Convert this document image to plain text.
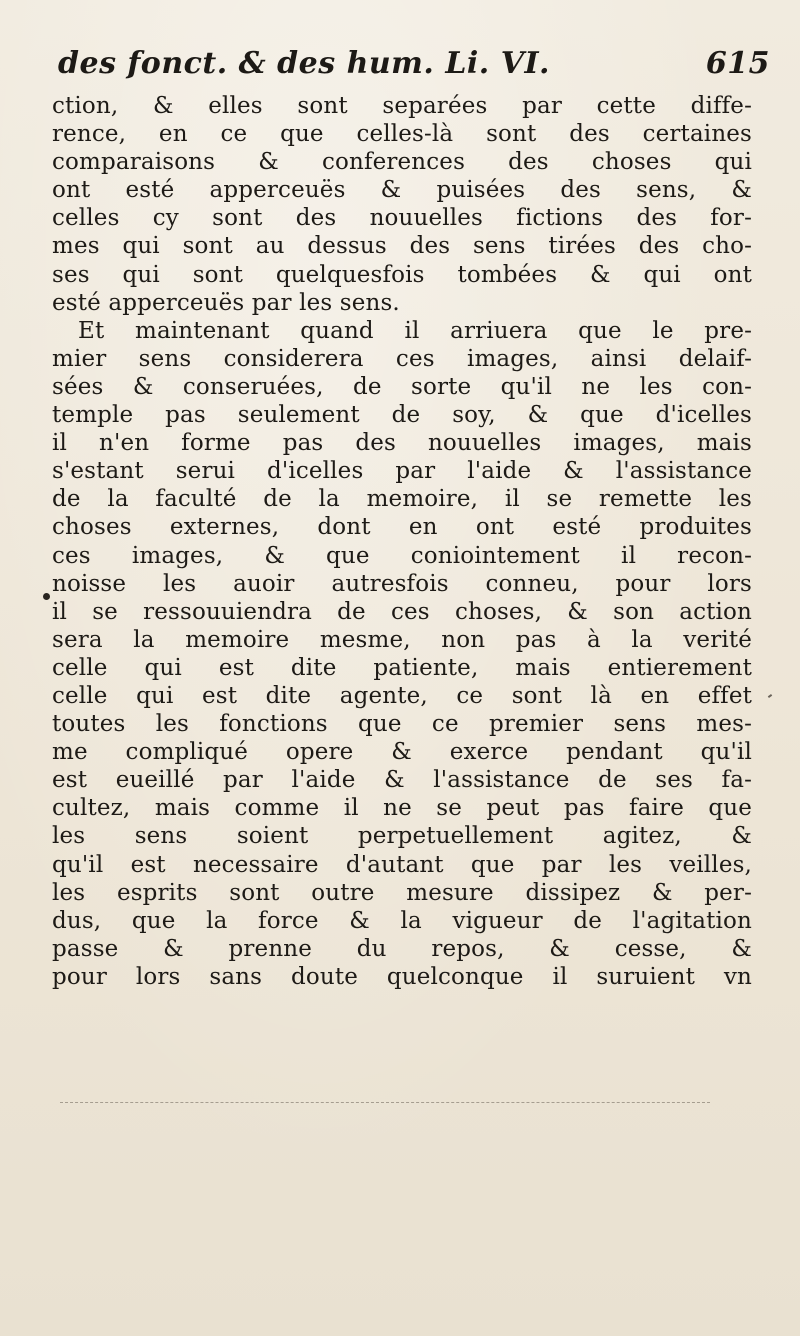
des fonct. & des hum. Li. VI.	615
ction, & elles sont separées par cette diffe-
rence, en ce que celles-là sont des certaines
comparaisons & conferences des choses qui
ont esté apperceuës & puisées des sens, &
celles cy sont des nouuelles fictions des for-
mes qui sont au dessus des sens tirées des cho-
ses qui sont quelquesfois tombées & qui ont
esté apperceuës par les sens.
Et maintenant quand il arriuera que le pre-
mier sens considerera ces images, ainsi delaif-
sées & conseruées, de sorte qu'il ne les con-
temple pas seulement de soy, & que d'icelles
il n'en forme pas des nouuelles images, mais
s'estant serui d'icelles par l'aide & l'assistance
de la faculté de la memoire, il se remette les
choses externes, dont en ont esté produites
ces images, & que coniointement il recon-
noisse les auoir autresfois conneu, pour lors
il se ressouuiendra de ces choses, & son action
sera la memoire mesme, non pas à la verité
celle qui est dite patiente, mais entierement
celle qui est dite agente, ce sont là en effet
toutes les fonctions que ce premier sens mes-
me compliqué opere & exerce pendant qu'il
est eueillé par l'aide & l'assistance de ses fa-
cultez, mais comme il ne se peut pas faire que
les sens soient perpetuellement agitez, &
qu'il est necessaire d'autant que par les veilles,
les esprits sont outre mesure dissipez & per-
dus, que la force & la vigueur de l'agitation
passe & prenne du repos, & cesse, &
pour lors sans doute quelconque il suruient vn
